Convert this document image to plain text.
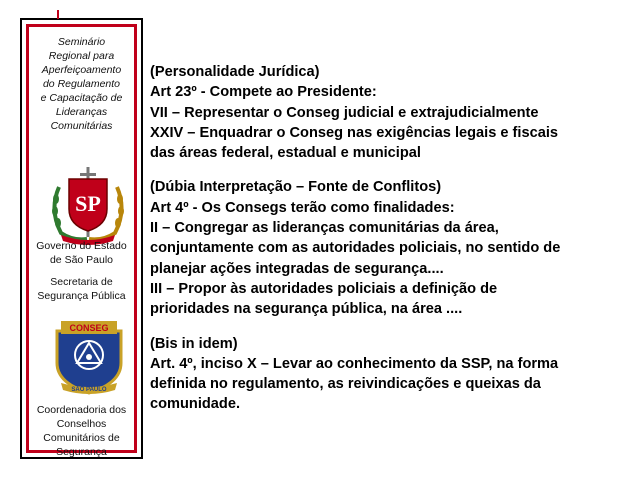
Seminário
Regional para
Aperfeiçoamento
do Regulamento
e Capacitação de
Lideranças
Comunitárias
SP
Governo do Estado
de São Paulo
Secretaria de
Segurança Pública
CONSEG
SÃO PAULO
Coordenadoria dos
Conselhos
Comunitários de
Segurança
(Personalidade Jurídica)
Art 23º - Compete ao Presidente:
VII – Representar o Conseg judicial e extrajudicialmente
XXIV – Enquadrar o Conseg nas exigências legais e fiscais
das áreas federal, estadual e municipal
(Dúbia Interpretação – Fonte de Conflitos)
Art 4º - Os Consegs terão como finalidades:
II – Congregar as lideranças comunitárias da área,
conjuntamente com as autoridades policiais, no sentido de
planejar ações integradas de segurança....
III – Propor às autoridades policiais a definição de
prioridades na segurança pública, na área ....
(Bis in idem)
Art. 4º, inciso X – Levar ao conhecimento da SSP, na forma
definida no regulamento, as reivindicações e queixas da
comunidade.
